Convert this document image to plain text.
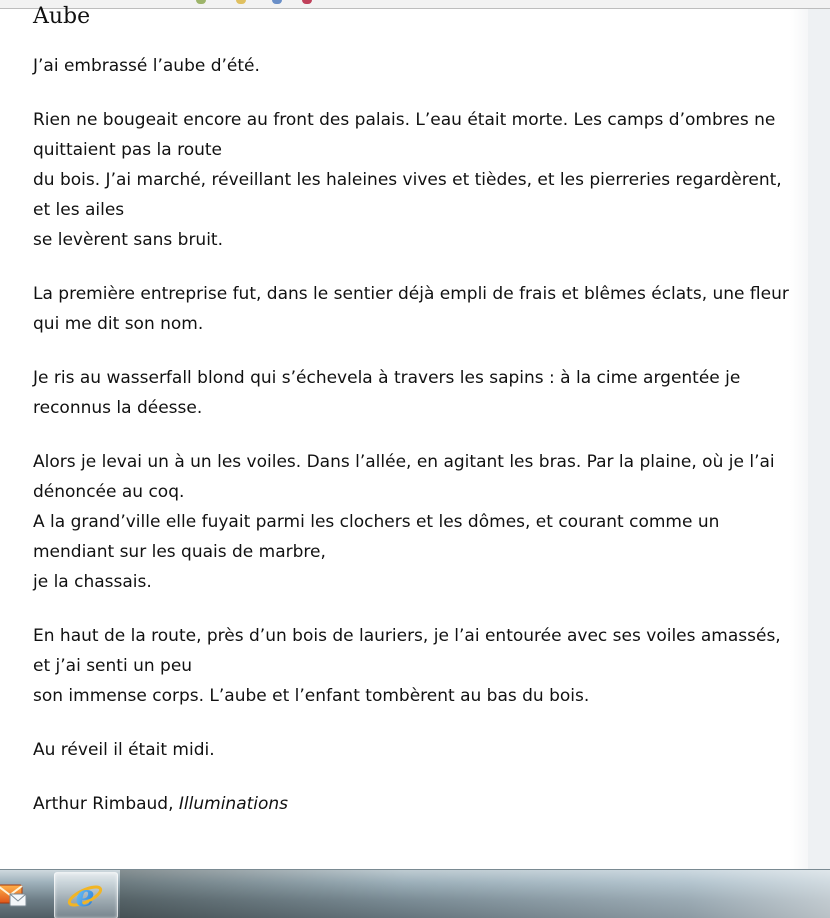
Aube

J’ai embrassé l’aube d’été.

Rien ne bougeait encore au front des palais. L’eau était morte. Les camps d’ombres ne
quittaient pas la route
du bois. J’ai marché, réveillant les haleines vives et tièdes, et les pierreries regardèrent,
et les ailes
se levèrent sans bruit.

La première entreprise fut, dans le sentier déjà empli de frais et blêmes éclats, une fleur
qui me dit son nom.

Je ris au wasserfall blond qui s’échevela à travers les sapins : à la cime argentée je
reconnus la déesse.

Alors je levai un à un les voiles. Dans l’allée, en agitant les bras. Par la plaine, où je l’ai
dénoncée au coq.
A la grand’ville elle fuyait parmi les clochers et les dômes, et courant comme un
mendiant sur les quais de marbre,
je la chassais.

En haut de la route, près d’un bois de lauriers, je l’ai entourée avec ses voiles amassés,
et j’ai senti un peu
son immense corps. L’aube et l’enfant tombèrent au bas du bois.

Au réveil il était midi.

Arthur Rimbaud, Illuminations

e
